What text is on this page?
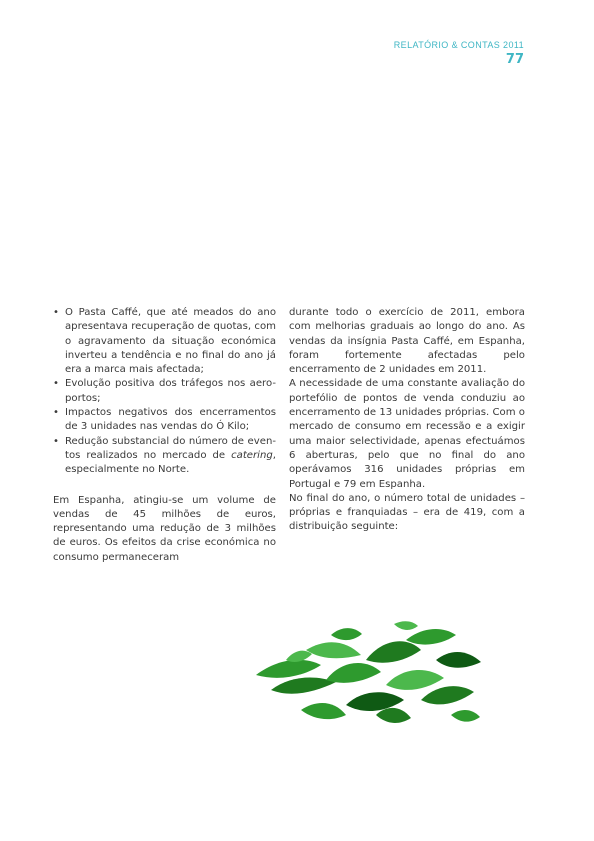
RELATÓRIO & CONTAS 2011
77
• O Pasta Caffé, que até meados do ano apresentava recuperação de quotas, com o agravamento da situação económica inverteu a tendência e no final do ano já era a marca mais afectada;
• Evolução positiva dos tráfegos nos aero-portos;
• Impactos negativos dos encerramentos de 3 unidades nas vendas do Ó Kilo;
• Redução substancial do número de even-tos realizados no mercado de catering, especialmente no Norte.

Em Espanha, atingiu-se um volume de vendas de 45 milhões de euros, representando uma redução de 3 milhões de euros. Os efeitos da crise económica no consumo permaneceram

durante todo o exercício de 2011, embora com melhorias graduais ao longo do ano. As vendas da insígnia Pasta Caffé, em Espanha, foram fortemente afectadas pelo encerramento de 2 unidades em 2011.

A necessidade de uma constante avaliação do portefólio de pontos de venda conduziu ao encerramento de 13 unidades próprias. Com o mercado de consumo em recessão e a exigir uma maior selectividade, apenas efectuámos 6 aberturas, pelo que no final do ano operávamos 316 unidades próprias em Portugal e 79 em Espanha.

No final do ano, o número total de unidades – próprias e franquiadas – era de 419, com a distribuição seguinte:
